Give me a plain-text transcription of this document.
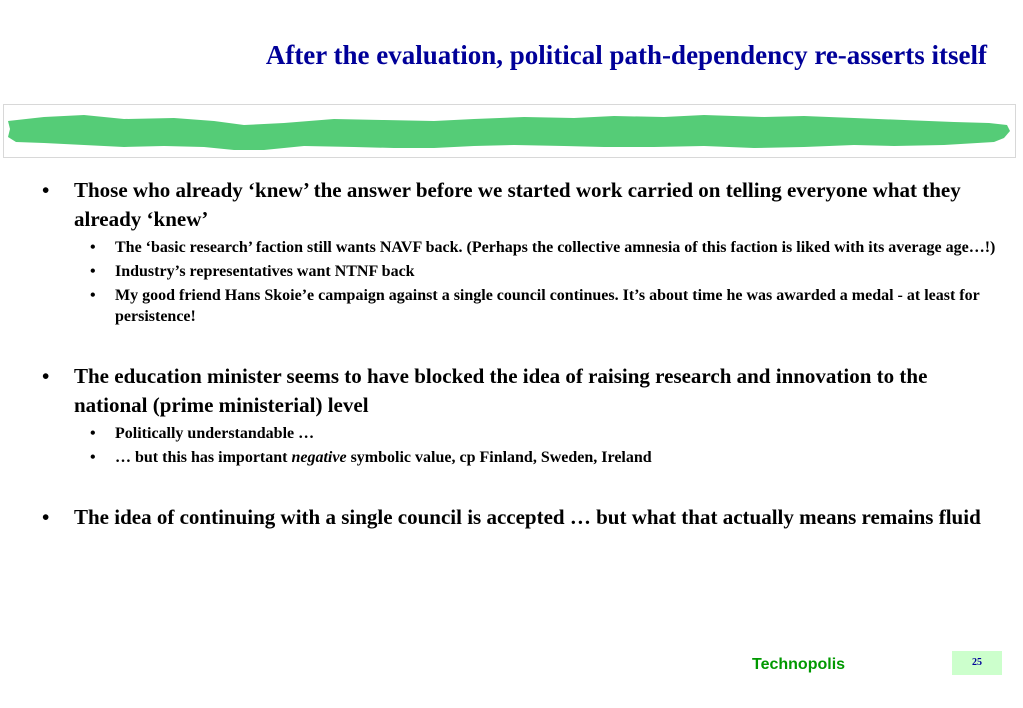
After the evaluation, political path-dependency re-asserts itself
• Those who already ‘knew’ the answer before we started work carried on telling everyone what they already ‘knew’
• The ‘basic research’ faction still wants NAVF back. (Perhaps the collective amnesia of this faction is liked with its average age…!)
• Industry’s representatives want NTNF back
• My good friend Hans Skoie’e campaign against a single council continues. It’s about time he was awarded a medal - at least for persistence!
• The education minister seems to have blocked the idea of raising research and innovation to the national (prime ministerial) level
• Politically understandable …
• … but this has important negative symbolic value, cp Finland, Sweden, Ireland
• The idea of continuing with a single council is accepted … but what that actually means remains fluid
Technopolis	25
